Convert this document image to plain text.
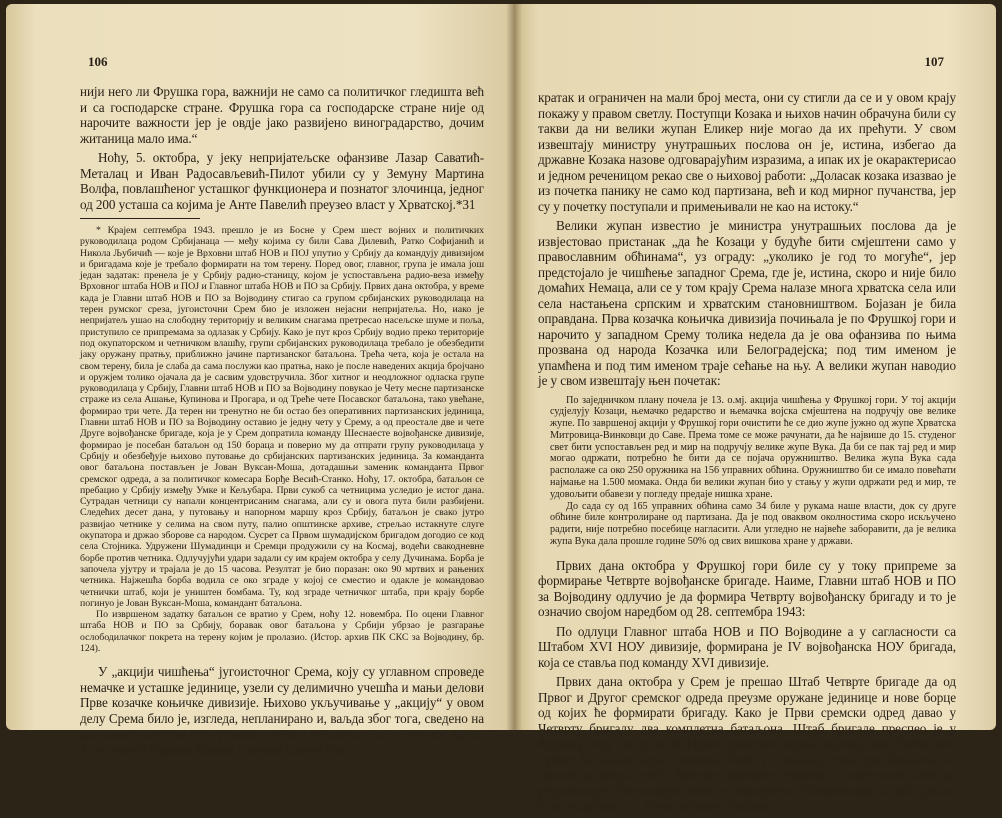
106

нији него ли Фрушка гора, важнији не само са политичког гледишта већ и са господарске стране. Фрушка гора са господарске стране није од нарочите важности јер је овдје јако развијено виноградарство, дочим житаница мало има.“

Ноћу, 5. октобра, у јеку непријатељске офанзиве Лазар Саватић-Металац и Иван Радосављевић-Пилот убили су у Земуну Мартина Волфа, повлашћеног усташког функционера и познатог злочинца, једног од 200 усташа са којима је Анте Павелић преузео власт у Хрватској.*31

* Крајем септембра 1943. прешло је из Босне у Срем шест војних и политичких руководилаца родом Србијанаца — међу којима су били Сава Дилевић, Ратко Софијанић и Никола Љубичић — које је Врховни штаб НОВ и ПОЈ упутио у Србију да командују дивизијом и бригадама које је требало формирати на том терену. Поред овог, главног, група је имала још један задатак: пренела је у Србију радио-станицу, којом је успостављена радио-веза између Врховног штаба НОВ и ПОЈ и Главног штаба НОВ и ПО за Србију. Првих дана октобра, у време када је Главни штаб НОВ и ПО за Војводину стигао са групом србијанских руководилаца на терен румског среза, југоисточни Срем био је изложен нејасни непријатеља. Но, иако је непријатељ ушао на слободну територију и великим снагама претресао насељске шуме и поља, приступило се припремама за одлазак у Србију. Како је пут кроз Србију водио преко територије под окупаторском и четничком влашћу, групи србијанских руководилаца требало је обезбедити јаку оружану пратњу, приближно јачине партизанског батаљона. Трећа чета, која је остала на свом терену, била је слаба да сама послужи као пратња, нако је после наведених акција бројчано и оружјем толико ојачала да је сасвим удовстручила. Због хитног и неодложног одласка групе руководилаца у Србију, Главни штаб НОВ и ПО за Војводину повукао је Чету месне партизанске страже из села Ашање, Купинова и Прогара, и од Треће чете Посавског батаљона, тако увећане, формирао три чете. Да терен ни тренутно не би остао без оперативних партизанских јединица, Главни штаб НОВ и ПО за Војводину оставио је једну чету у Срему, а од преостале две и чете Друге војвођанске бригаде, која је у Срем допратила команду Шеснаесте војвођанске дивизије, формирао је посебан батаљон од 150 бораца и поверио му да отпрати групу руководилаца у Србију и обезбеђује њихово путовање до србијанских партизанских јединица. За команданта овог батаљона постављен је Јован Вуксан-Моша, дотадашњи заменик команданта Првог сремског одреда, а за политичког комесара Борђе Весић-Станко. Ноћу, 17. октобра, батаљон се пребацио у Србију између Умке и Кељубара. Први сукоб са четницима уследио је истог дана. Сутрадан четници су напали концентрисаним снагама, али су и овога пута били разбијени. Следећих десет дана, у путовању и напорном маршу кроз Србију, батаљон је свако јутро развијао четнике у селима на свом путу, палио општинске архиве, стрељао истакнуте слуге окупатора и држао зборове са народом. Сусрет са Првом шумадијском бригадом догодио се код села Стојника. Удружени Шумадинци и Сремци продужили су на Космај, водећи свакодневне борбе против четника. Одлучујући удари задали су им крајем октобра у селу Дучинама. Борба је започела ујутру и трајала је до 15 часова. Резултат је био поразан: око 90 мртвих и рањених четника. Најжешћа борба водила се око зграде у којој се сместио и одакле је командовао четнички штаб, који је уништен бомбама. Ту, код зграде четничког штаба, при крају борбе погинуо је Јован Вуксан-Моша, командант батаљона.

По извршеном задатку батаљон се вратио у Срем, ноћу 12. новембра. По оцени Главног штаба НОВ и ПО за Србију, боравак овог батаљона у Србији убрзао је разгарање ослободилачког покрета на терену којим је пролазио. (Истор. архив ПК СКС за Војводину, бр. 124).

У „акцији чишћења“ југоисточног Срема, коју су углавном спроведе немачке и усташке јединице, узели су делимично учешћа и мањи делови Прве козачке коњичке дивизије. Њихово укључивање у „акцију“ у овом делу Срема било је, изгледа, непланирано и, ваљда због тога, сведено на дивљање у десетак села румског среза и неколико села земунског среза. Али, иако је боравак Козака у доњем Срему био

107

кратак и ограничен на мали број места, они су стигли да се и у овом крају покажу у правом светлу. Поступци Козака и њихов начин обрачуна били су такви да ни велики жупан Еликер није могао да их прећути. У свом извештају министру унутрашњих послова он је, истина, избегао да државне Козака назове одговарајућим изразима, а ипак их је окарактерисао и једном реченицом рекао све о њиховој работи: „Доласак козака изазвао је из почетка панику не само код партизана, већ и код мирног пучанства, јер су у почетку поступали и примењивали не као на истоку.“

Велики жупан известио је министра унутрашњих послова да је извјестовао пристанак „да ће Козаци у будуће бити смјештени само у православним обћинама“, уз ограду: „уколико је год то могуће“, јер предстојало је чишћење западног Срема, где је, истина, скоро и није било домаћих Немаца, али се у том крају Срема налазе многа хрватска села или села настањена српским и хрватским становништвом. Бојазан је била оправдана. Прва козачка коњичка дивизија почињала је по Фрушкој гори и нарочито у западном Срему толика неделa да је ова офанзива по њима прозвана од народа Козачка или Белоградејска; под тим именом је упамћена и под тим именом траје сећање на њу. А велики жупан наводио је у свом извештају њен почетак:

По заједничком плану почела је 13. о.мј. акција чишћења у Фрушкој гори. У тој акцији судјелују Козаци, њемачко редарство и њемачка војска смјештена на подручју ове велике жупе. По завршеној акцији у Фрушкој гори очистити ће се дио жупе јужно од жупе Хрватска Митровица-Винковци до Саве. Према томе се може рачунати, да ће највише до 15. студеног свет бити успостављен ред и мир на подручју велике жупе Вука. Да би се пак тај ред и мир могао одржати, потребно ће бити да се појача оружништво. Велика жупа Вука сада располаже са око 250 оружника на 156 управних обћина. Оружништво би се имало повећати најмање на 1.500 момака. Онда би велики жупан био у стању у жупи одржати ред и мир, те удовољити обавези у погледу предаје нишка хране.

До сада су од 165 управних обћина само 34 биле у рукама наше власти, док су друге обћине биле контролиране од партизана. Да је под оваквом околностима скоро искључено радити, није потребно посебице нагласити. Али угледно не највеће заборавити, да је велика жупа Вука дала прошле године 50% од свих вишкова хране у држави.

Првих дана октобра у Фрушкој гори биле су у току припреме за формирање Четврте војвођанске бригаде. Наиме, Главни штаб НОВ и ПО за Војводину одлучио је да формира Четврту војвођанску бригаду и то је означио својом наредбом од 28. септембра 1943:

По одлуци Главног штаба НОВ и ПО Војводине а у сагласности са Штабом XVI НОУ дивизије, формирана је IV војвођанска НОУ бригада, која се ставља под команду XVI дивизије.

Првих дана октобра у Срем је прешао Штаб Четврте бригаде да од Првог и Другог сремског одреда преузме оружане јединице и нове борце од којих ће формирати бригаду. Како је Први сремски одред давао у Четврту бригаду два комплетна батаљона, Штаб бригаде преспео је у Фрушку гору где је штаб Првог сремског одреда окупио, сем Треће чете Трећег батаљона, која је водила борбе у Посављу, своја три батаљона са циљем да преда штабу бригаде одређене јединице, а преостале снаге да реорганизује. Ове намере омео је непријатељ. Обавештајна служба дошла је до података да у Руми заседају штабови
